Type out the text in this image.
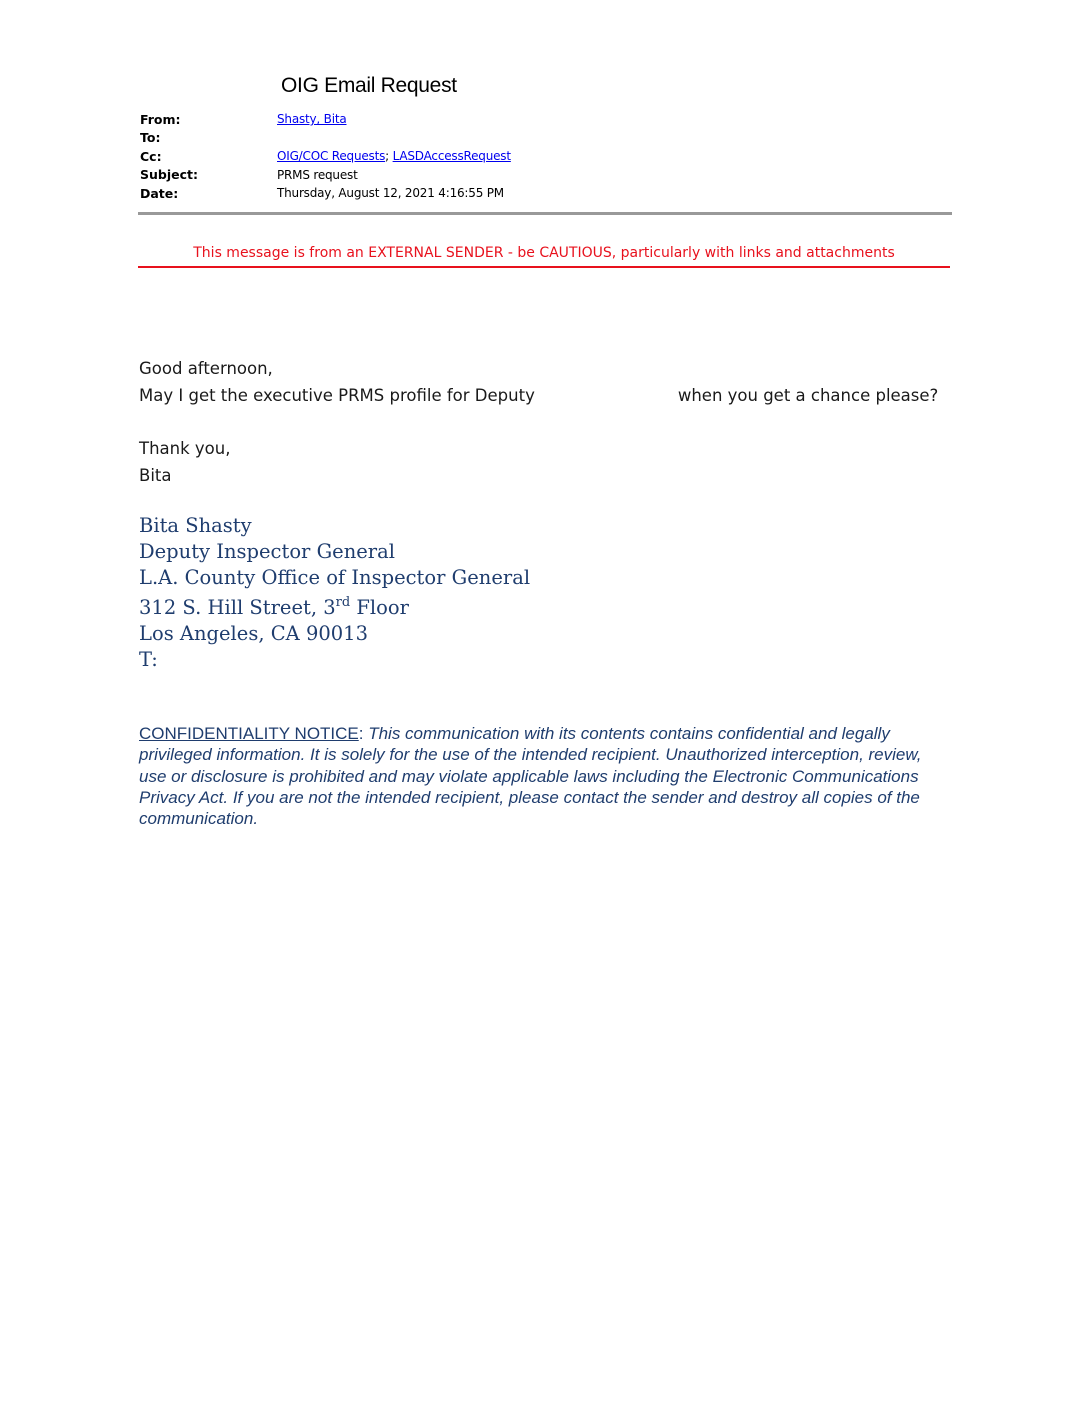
OIG Email Request
From:	Shasty, Bita
To:
Cc:	OIG/COC Requests; LASDAccessRequest
Subject:	PRMS request
Date:	Thursday, August 12, 2021 4:16:55 PM
This message is from an EXTERNAL SENDER - be CAUTIOUS, particularly with links and attachments
Good afternoon,
May I get the executive PRMS profile for Deputy	when you get a chance please?
Thank you,
Bita
Bita Shasty
Deputy Inspector General
L.A. County Office of Inspector General
312 S. Hill Street, 3rd Floor
Los Angeles, CA 90013
T:
CONFIDENTIALITY NOTICE: This communication with its contents contains confidential and legally privileged information. It is solely for the use of the intended recipient. Unauthorized interception, review, use or disclosure is prohibited and may violate applicable laws including the Electronic Communications Privacy Act. If you are not the intended recipient, please contact the sender and destroy all copies of the communication.
